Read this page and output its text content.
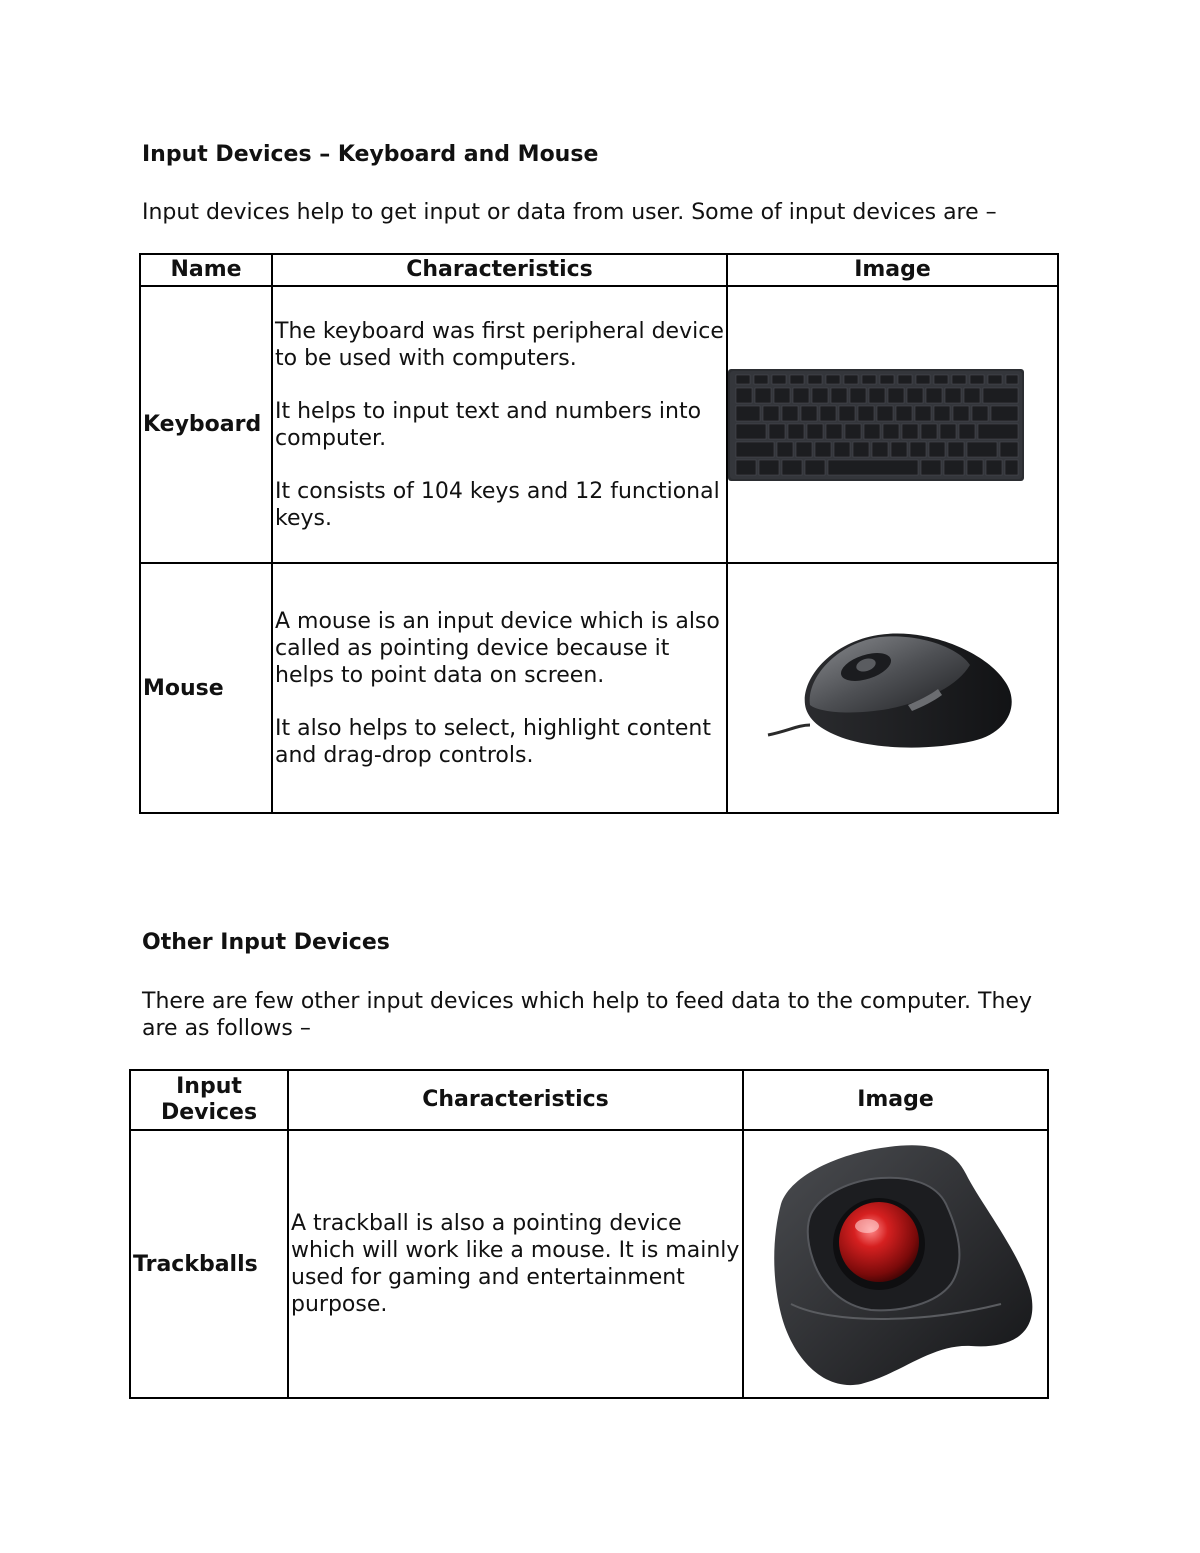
Input Devices – Keyboard and Mouse

Input devices help to get input or data from user. Some of input devices are –

Name	Characteristics	Image
Keyboard	The keyboard was first peripheral device to be used with computers.

It helps to input text and numbers into computer.

It consists of 104 keys and 12 functional keys.

Mouse	A mouse is an input device which is also called as pointing device because it helps to point data on screen.

It also helps to select, highlight content and drag-drop controls.

Other Input Devices

There are few other input devices which help to feed data to the computer. They are as follows –

Input Devices	Characteristics	Image
Trackballs	A trackball is also a pointing device which will work like a mouse. It is mainly used for gaming and entertainment purpose.
